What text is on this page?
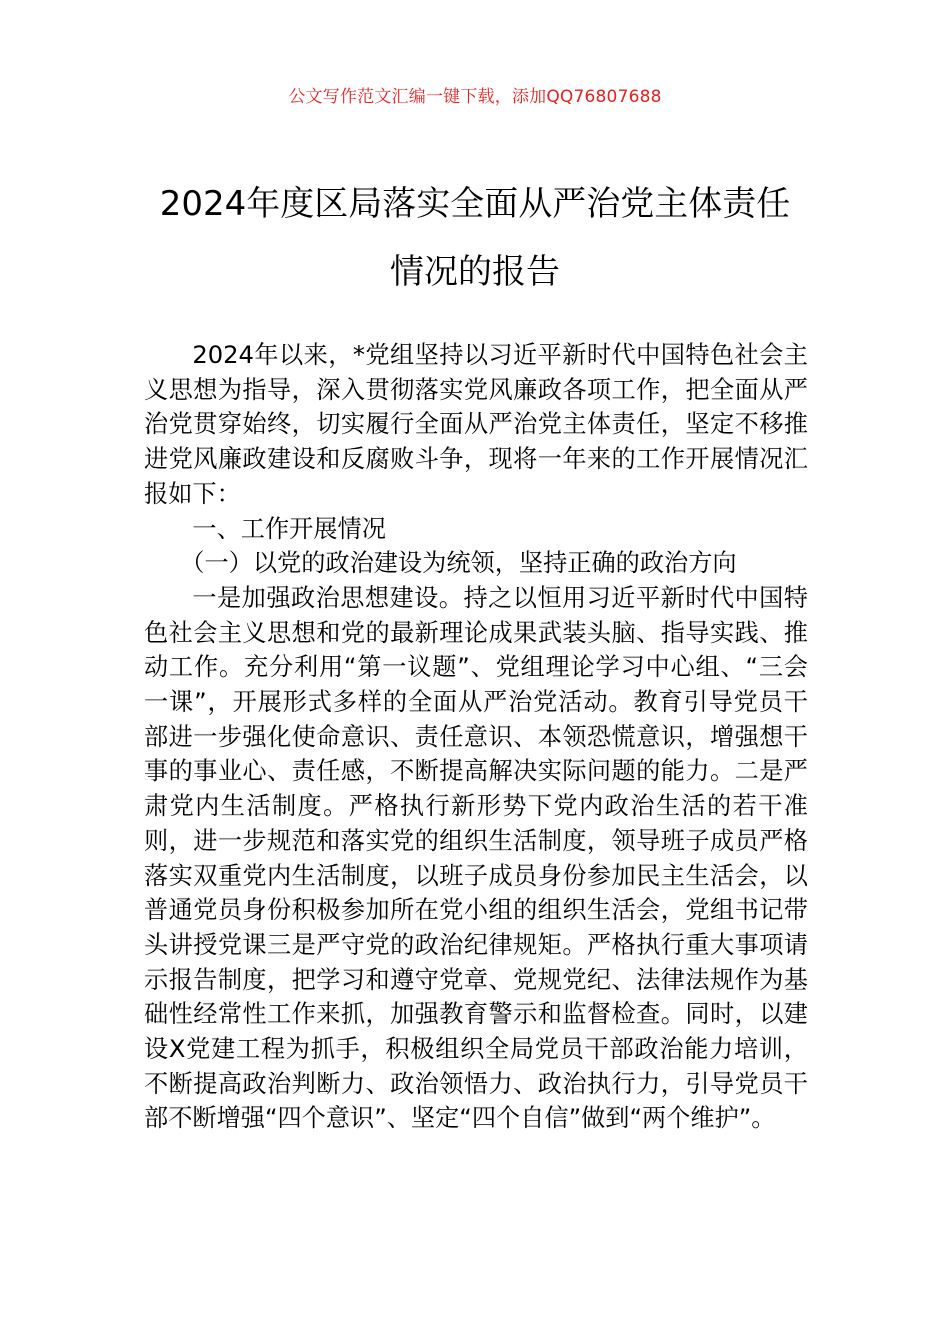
公文写作范文汇编一键下载，添加QQ76807688
2024年度区局落实全面从严治党主体责任
情况的报告

2024年以来，*党组坚持以习近平新时代中国特色社会主义思想为指导，深入贯彻落实党风廉政各项工作，把全面从严治党贯穿始终，切实履行全面从严治党主体责任，坚定不移推进党风廉政建设和反腐败斗争，现将一年来的工作开展情况汇报如下：

一、工作开展情况

（一）以党的政治建设为统领，坚持正确的政治方向

一是加强政治思想建设。持之以恒用习近平新时代中国特色社会主义思想和党的最新理论成果武装头脑、指导实践、推动工作。充分利用“第一议题”、党组理论学习中心组、“三会一课”，开展形式多样的全面从严治党活动。教育引导党员干部进一步强化使命意识、责任意识、本领恐慌意识，增强想干事的事业心、责任感，不断提高解决实际问题的能力。二是严肃党内生活制度。严格执行新形势下党内政治生活的若干准则，进一步规范和落实党的组织生活制度，领导班子成员严格落实双重党内生活制度，以班子成员身份参加民主生活会，以普通党员身份积极参加所在党小组的组织生活会，党组书记带头讲授党课三是严守党的政治纪律规矩。严格执行重大事项请示报告制度，把学习和遵守党章、党规党纪、法律法规作为基础性经常性工作来抓，加强教育警示和监督检查。同时，以建设X党建工程为抓手，积极组织全局党员干部政治能力培训，不断提高政治判断力、政治领悟力、政治执行力，引导党员干部不断增强“四个意识”、坚定“四个自信”做到“两个维护”。
